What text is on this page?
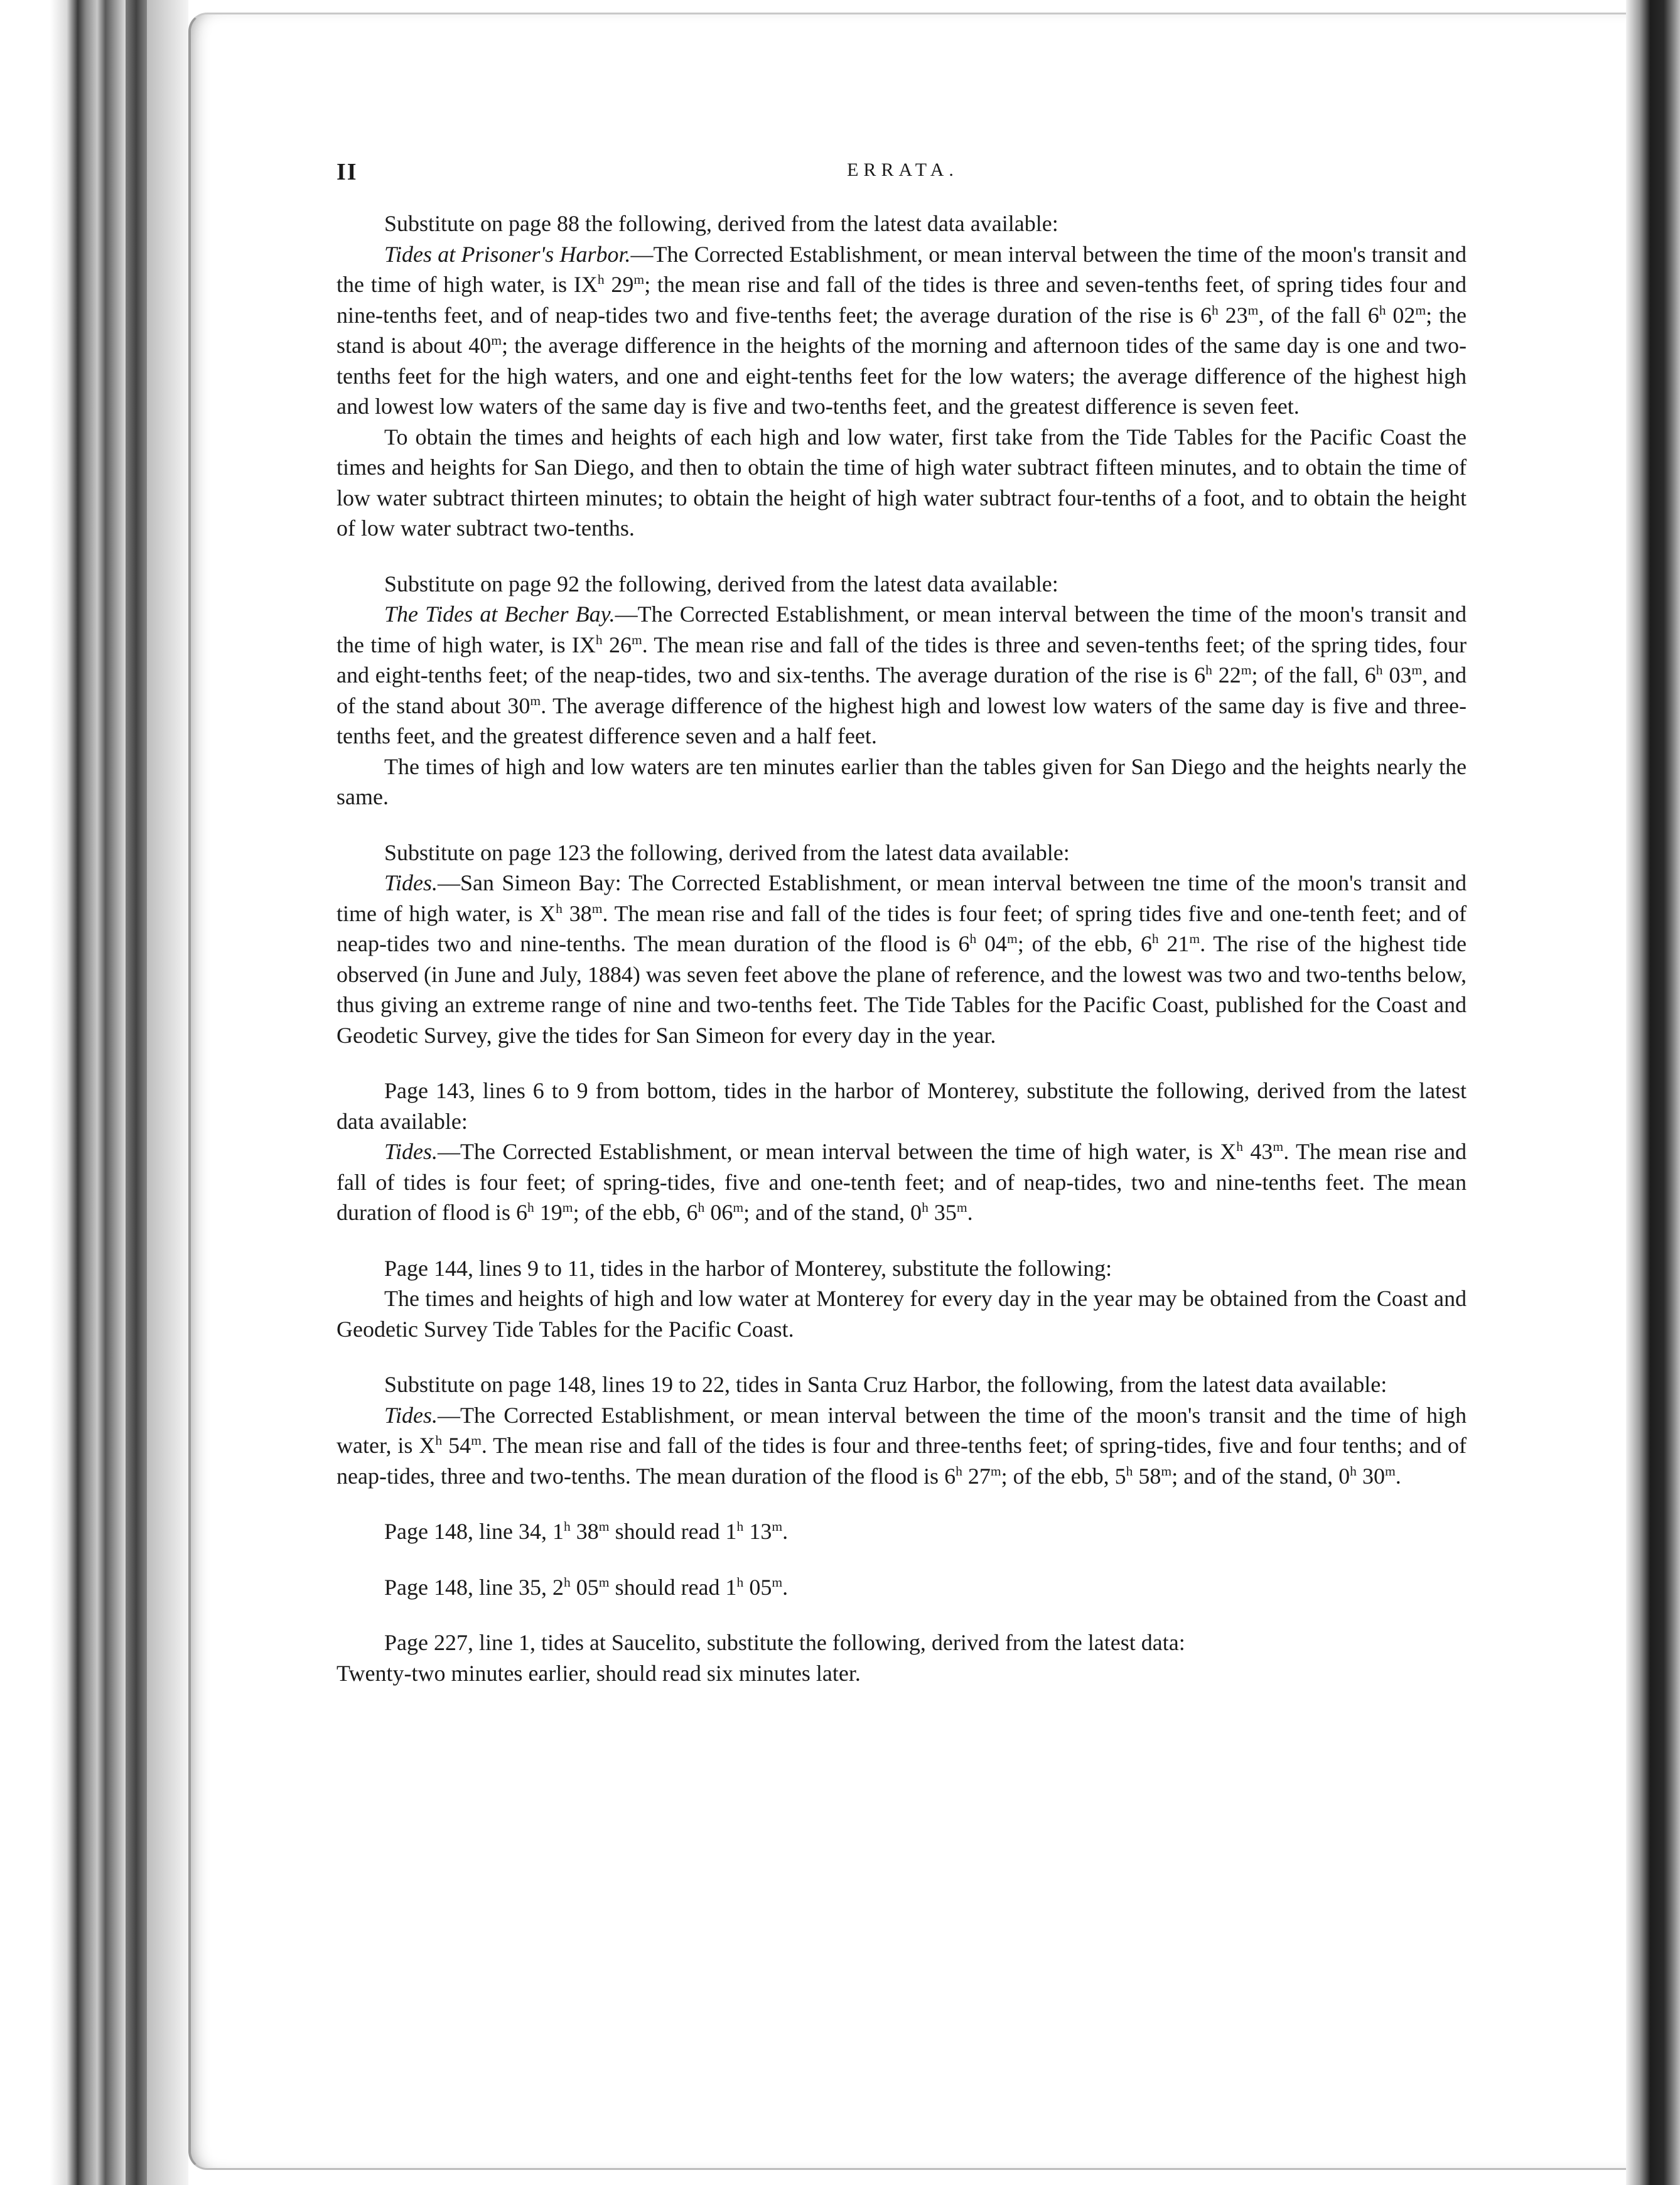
II	ERRATA.

Substitute on page 88 the following, derived from the latest data available:

Tides at Prisoner's Harbor.—The Corrected Establishment, or mean interval between the time of the moon's transit and the time of high water, is $IX^h$ 29$^m$; the mean rise and fall of the tides is three and seven-tenths feet, of spring tides four and nine-tenths feet, and of neap-tides two and five-tenths feet; the average duration of the rise is 6$^h$ 23$^m$, of the fall 6$^h$ 02$^m$; the stand is about 40$^m$; the average difference in the heights of the morning and afternoon tides of the same day is one and two-tenths feet for the high waters, and one and eight-tenths feet for the low waters; the average difference of the highest high and lowest low waters of the same day is five and two-tenths feet, and the greatest difference is seven feet.

To obtain the times and heights of each high and low water, first take from the Tide Tables for the Pacific Coast the times and heights for San Diego, and then to obtain the time of high water subtract fifteen minutes, and to obtain the time of low water subtract thirteen minutes; to obtain the height of high water subtract four-tenths of a foot, and to obtain the height of low water subtract two-tenths.

Substitute on page 92 the following, derived from the latest data available:

The Tides at Becher Bay.—The Corrected Establishment, or mean interval between the time of the moon's transit and the time of high water, is $IX^h$ 26$^m$. The mean rise and fall of the tides is three and seven-tenths feet; of the spring tides, four and eight-tenths feet; of the neap-tides, two and six-tenths. The average duration of the rise is 6$^h$ 22$^m$; of the fall, 6$^h$ 03$^m$, and of the stand about 30$^m$. The average difference of the highest high and lowest low waters of the same day is five and three-tenths feet, and the greatest difference seven and a half feet.

The times of high and low waters are ten minutes earlier than the tables given for San Diego and the heights nearly the same.

Substitute on page 123 the following, derived from the latest data available:

Tides.—San Simeon Bay: The Corrected Establishment, or mean interval between tne time of the moon's transit and time of high water, is $X^h$ 38$^m$. The mean rise and fall of the tides is four feet; of spring tides five and one-tenth feet; and of neap-tides two and nine-tenths. The mean duration of the flood is 6$^h$ 04$^m$; of the ebb, 6$^h$ 21$^m$. The rise of the highest tide observed (in June and July, 1884) was seven feet above the plane of reference, and the lowest was two and two-tenths below, thus giving an extreme range of nine and two-tenths feet. The Tide Tables for the Pacific Coast, published for the Coast and Geodetic Survey, give the tides for San Simeon for every day in the year.

Page 143, lines 6 to 9 from bottom, tides in the harbor of Monterey, substitute the following, derived from the latest data available:

Tides.—The Corrected Establishment, or mean interval between the time of high water, is $X^h$ 43$^m$. The mean rise and fall of tides is four feet; of spring-tides, five and one-tenth feet; and of neap-tides, two and nine-tenths feet. The mean duration of flood is 6$^h$ 19$^m$; of the ebb, 6$^h$ 06$^m$; and of the stand, 0$^h$ 35$^m$.

Page 144, lines 9 to 11, tides in the harbor of Monterey, substitute the following:

The times and heights of high and low water at Monterey for every day in the year may be obtained from the Coast and Geodetic Survey Tide Tables for the Pacific Coast.

Substitute on page 148, lines 19 to 22, tides in Santa Cruz Harbor, the following, from the latest data available:

Tides.—The Corrected Establishment, or mean interval between the time of the moon's transit and the time of high water, is $X^h$ 54$^m$. The mean rise and fall of the tides is four and three-tenths feet; of spring-tides, five and four tenths; and of neap-tides, three and two-tenths. The mean duration of the flood is 6$^h$ 27$^m$; of the ebb, 5$^h$ 58$^m$; and of the stand, 0$^h$ 30$^m$.

Page 148, line 34, 1$^h$ 38$^m$ should read 1$^h$ 13$^m$.

Page 148, line 35, 2$^h$ 05$^m$ should read 1$^h$ 05$^m$.

Page 227, line 1, tides at Saucelito, substitute the following, derived from the latest data:

Twenty-two minutes earlier, should read six minutes later.
